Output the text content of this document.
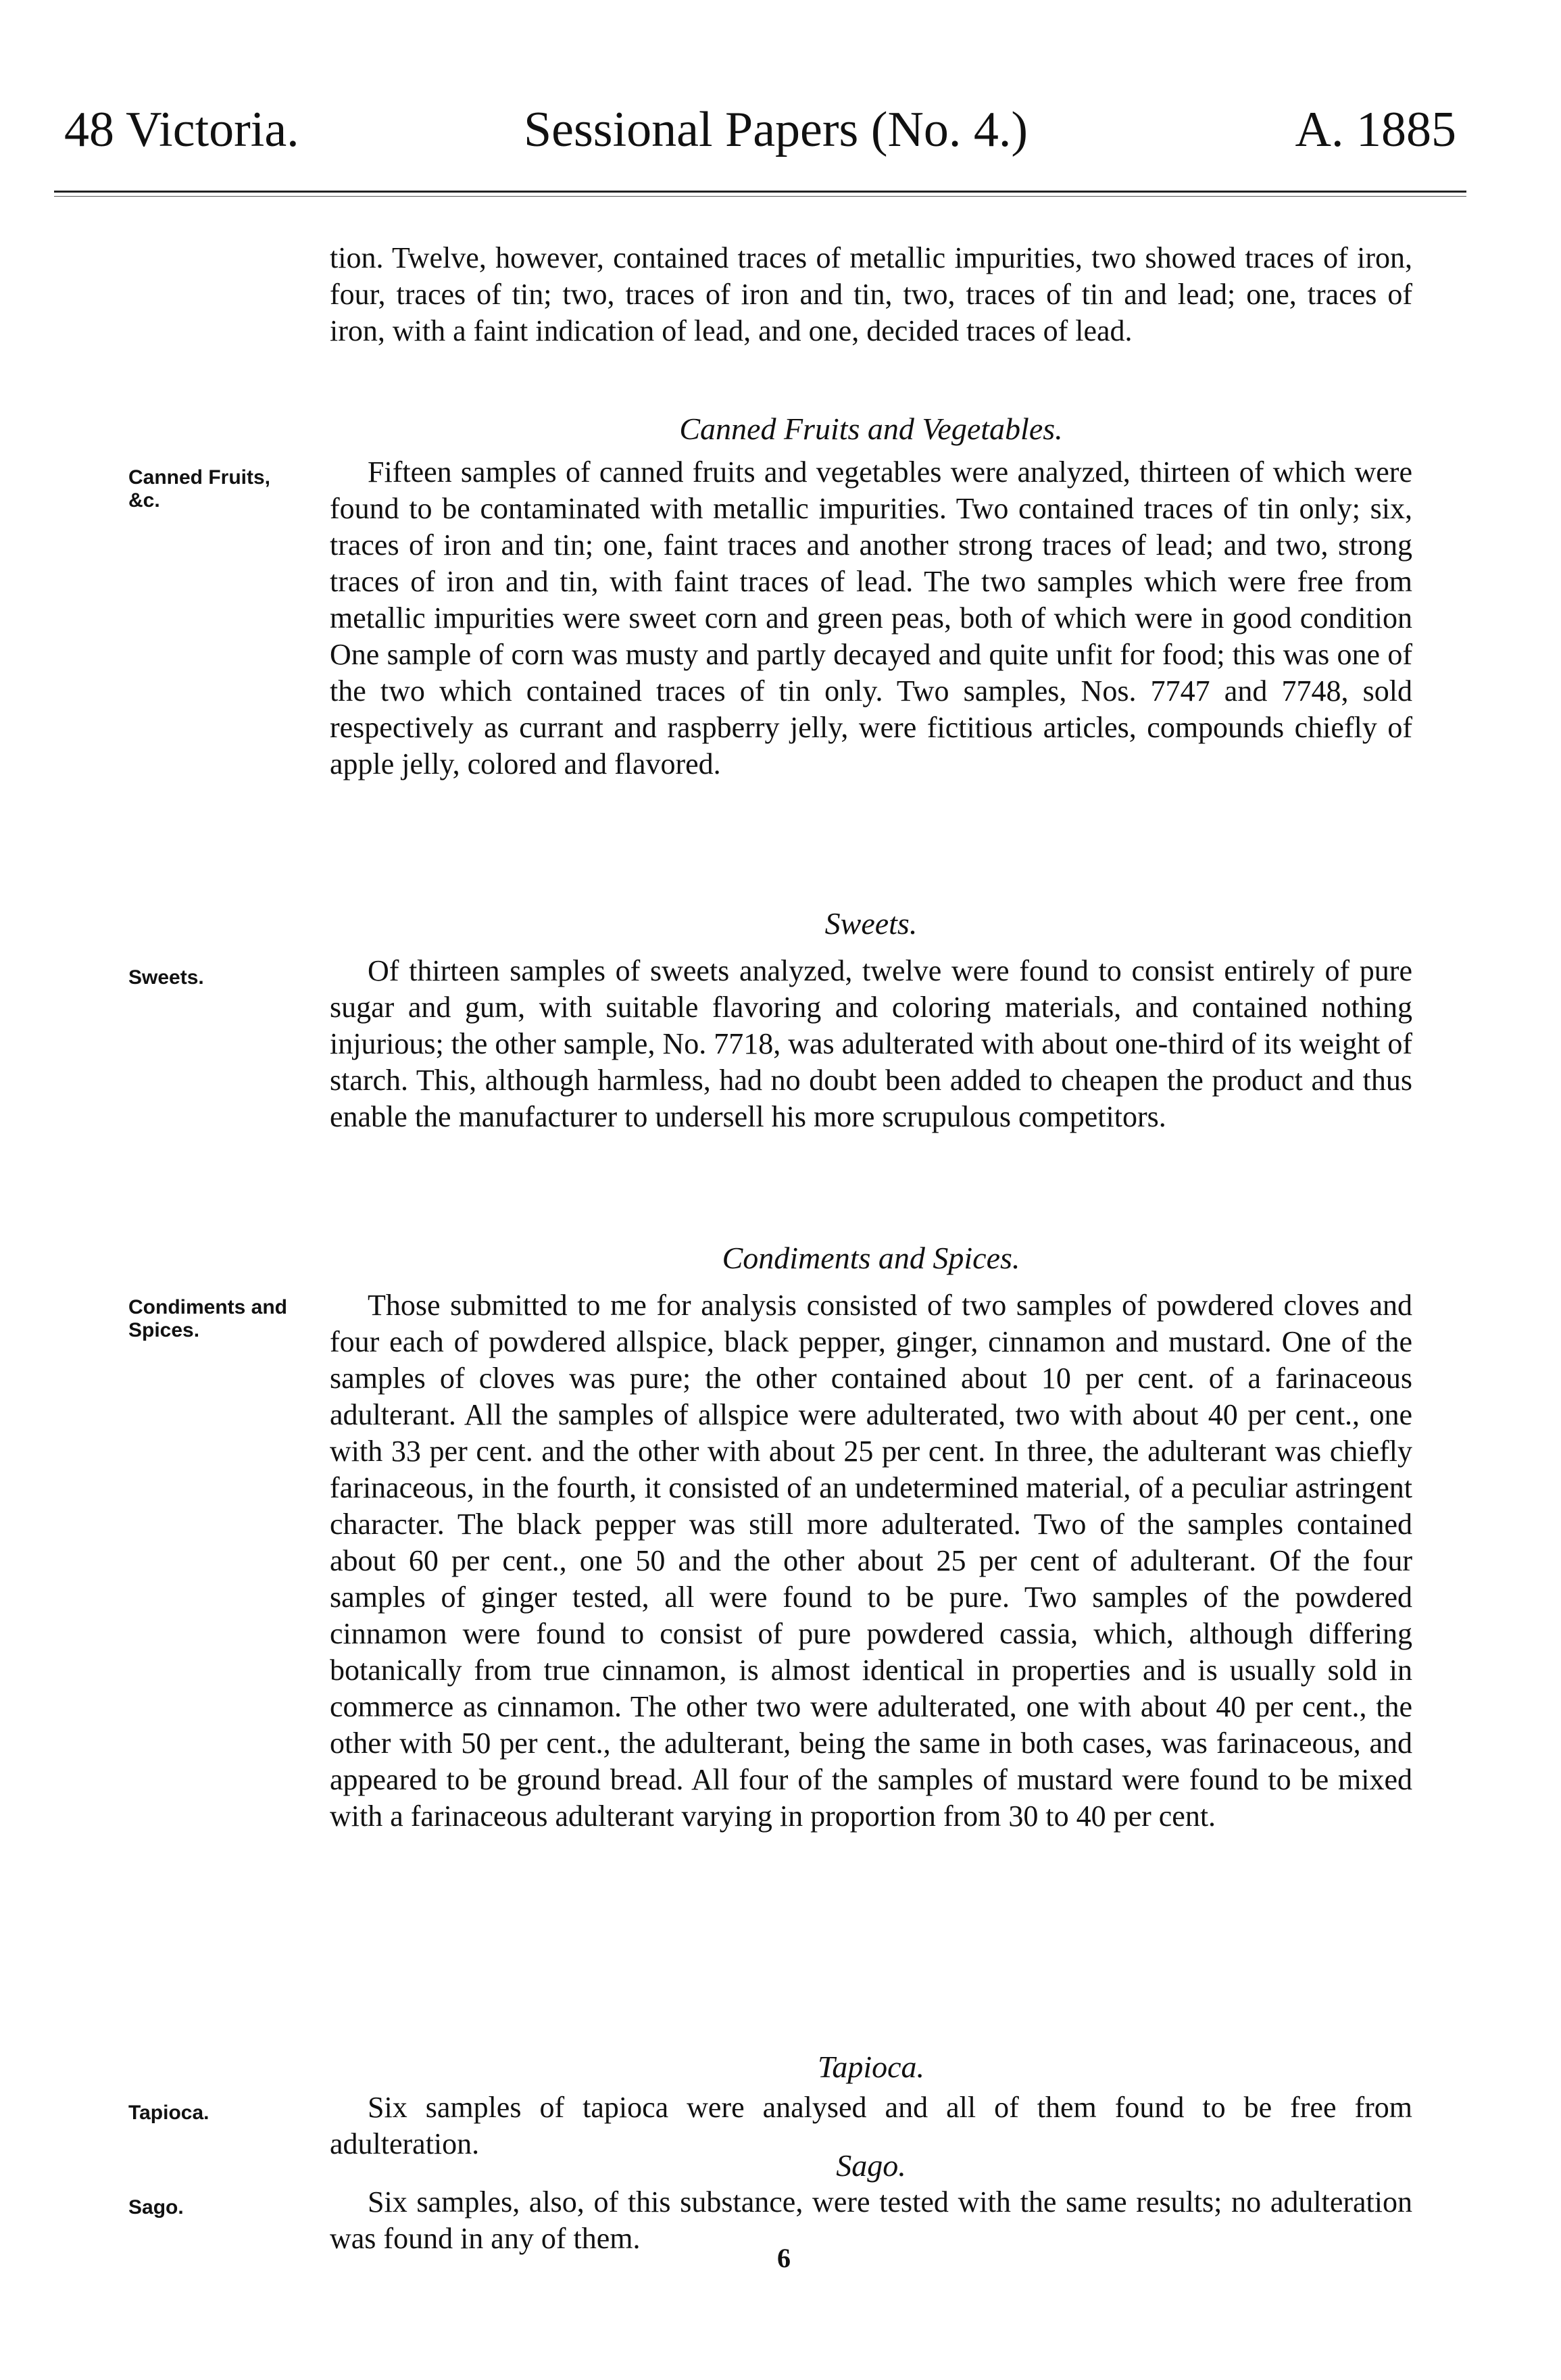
48 Victoria.	Sessional Papers (No. 4.)	A. 1885

tion. Twelve, however, contained traces of metallic impurities, two showed traces of iron, four, traces of tin; two, traces of iron and tin, two, traces of tin and lead; one, traces of iron, with a faint indication of lead, and one, decided traces of lead.

Canned Fruits and Vegetables.
Canned Fruits, &c.

Fifteen samples of canned fruits and vegetables were analyzed, thirteen of which were found to be contaminated with metallic impurities. Two contained traces of tin only; six, traces of iron and tin; one, faint traces and another strong traces of lead; and two, strong traces of iron and tin, with faint traces of lead. The two samples which were free from metallic impurities were sweet corn and green peas, both of which were in good condition One sample of corn was musty and partly decayed and quite unfit for food; this was one of the two which contained traces of tin only. Two samples, Nos. 7747 and 7748, sold respectively as currant and raspberry jelly, were fictitious articles, compounds chiefly of apple jelly, colored and flavored.

Sweets.
Sweets.	Of thirteen samples of sweets analyzed, twelve were found to consist entirely of pure sugar and gum, with suitable flavoring and coloring materials, and contained nothing injurious; the other sample, No. 7718, was adulterated with about one-third of its weight of starch. This, although harmless, had no doubt been added to cheapen the product and thus enable the manufacturer to undersell his more scrupulous competitors.

Condiments and Spices.
Condiments and Spices.

Those submitted to me for analysis consisted of two samples of powdered cloves and four each of powdered allspice, black pepper, ginger, cinnamon and mustard. One of the samples of cloves was pure; the other contained about 10 per cent. of a farinaceous adulterant. All the samples of allspice were adulterated, two with about 40 per cent., one with 33 per cent. and the other with about 25 per cent. In three, the adulterant was chiefly farinaceous, in the fourth, it consisted of an undetermined material, of a peculiar astringent character. The black pepper was still more adulterated. Two of the samples contained about 60 per cent., one 50 and the other about 25 per cent of adulterant. Of the four samples of ginger tested, all were found to be pure. Two samples of the powdered cinnamon were found to consist of pure powdered cassia, which, although differing botanically from true cinnamon, is almost identical in properties and is usually sold in commerce as cinnamon. The other two were adulterated, one with about 40 per cent., the other with 50 per cent., the adulterant, being the same in both cases, was farinaceous, and appeared to be ground bread. All four of the samples of mustard were found to be mixed with a farinaceous adulterant varying in proportion from 30 to 40 per cent.

Tapioca.
Tapioca.	Six samples of tapioca were analysed and all of them found to be free from adulteration.

Sago.
Sago.	Six samples, also, of this substance, were tested with the same results; no adulteration was found in any of them.

6
